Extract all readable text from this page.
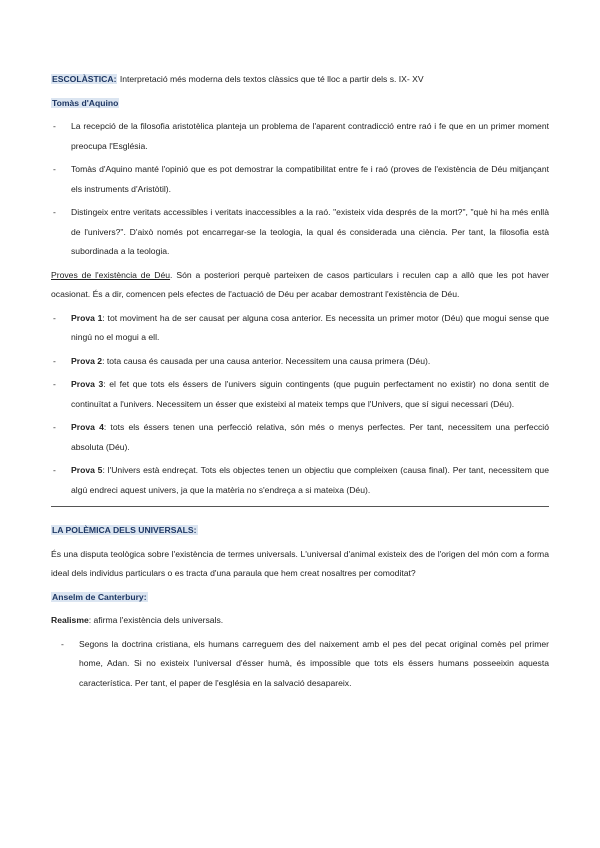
ESCOLÀSTICA: Interpretació més moderna dels textos clàssics que té lloc a partir dels s. IX- XV

Tomàs d'Aquino

- La recepció de la filosofia aristotèlica planteja un problema de l'aparent contradicció entre raó i fe que en un primer moment preocupa l'Església.
- Tomàs d'Aquino manté l'opinió que es pot demostrar la compatibilitat entre fe i raó (proves de l'existència de Déu mitjançant els instruments d'Aristòtil).
- Distingeix entre veritats accessibles i veritats inaccessibles a la raó. "existeix vida després de la mort?", "què hi ha més enllà de l'univers?". D'això només pot encarregar-se la teologia, la qual és considerada una ciència. Per tant, la filosofia està subordinada a la teologia.

Proves de l'existència de Déu. Són a posteriori perquè parteixen de casos particulars i reculen cap a allò que les pot haver ocasionat. És a dir, comencen pels efectes de l'actuació de Déu per acabar demostrant l'existència de Déu.

- Prova 1: tot moviment ha de ser causat per alguna cosa anterior. Es necessita un primer motor (Déu) que mogui sense que ningú no el mogui a ell.
- Prova 2: tota causa és causada per una causa anterior. Necessitem una causa primera (Déu).
- Prova 3: el fet que tots els éssers de l'univers siguin contingents (que puguin perfectament no existir) no dona sentit de continuïtat a l'univers. Necessitem un ésser que existeixi al mateix temps que l'Univers, que sí sigui necessari (Déu).
- Prova 4: tots els éssers tenen una perfecció relativa, són més o menys perfectes. Per tant, necessitem una perfecció absoluta (Déu).
- Prova 5: l'Univers està endreçat. Tots els objectes tenen un objectiu que compleixen (causa final). Per tant, necessitem que algú endreci aquest univers, ja que la matèria no s'endreça a si mateixa (Déu).

LA POLÈMICA DELS UNIVERSALS:

És una disputa teològica sobre l'existència de termes universals. L'universal d'animal existeix des de l'origen del món com a forma ideal dels individus particulars o es tracta d'una paraula que hem creat nosaltres per comoditat?

Anselm de Canterbury:

Realisme: afirma l'existència dels universals.

- Segons la doctrina cristiana, els humans carreguem des del naixement amb el pes del pecat original comès pel primer home, Adan. Si no existeix l'universal d'ésser humà, és impossible que tots els éssers humans posseeixin aquesta característica. Per tant, el paper de l'església en la salvació desapareix.
